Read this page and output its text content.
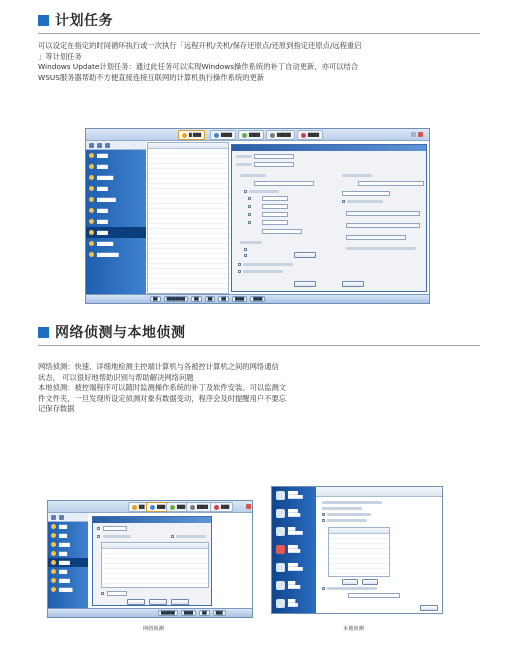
计划任务
可以设定在指定的时间循环执行或一次执行「远程开机/关机/保存还原点/还原到指定还原点/远程重启
」等计划任务
Windows Update计划任务：通过此任务可以实现Windows操作系统的补丁自动更新，亦可以结合
WSUS服务器帮助不方便直接连接互联网的计算机执行操作系统的更新
█ ███	████	████	█████	████
████
████
██████
████
███████
████
████
████
██████
████████
██	████████	██	██	██	████	████
网络侦测与本地侦测
网络侦测：快速、详细地检测主控端计算机与各被控计算机之间的网络通信
状态， 可以很好地帮助识别与帮助解决网络问题
本地侦测：被控端程序可以随时监测操作系统的补丁及软件安装、可以监测文
件文件夹，一旦发现所设定侦测对象有数据变动，程序会及时提醒用户不要忘
记保存数据
██	███	███	████	███
███
███
████
███
████
███
████
█████
██████	████	██	███
████
██████
████
█████
███
██████
████
█████
████
██████
███
█████
███
████
网络侦测	本地侦测
